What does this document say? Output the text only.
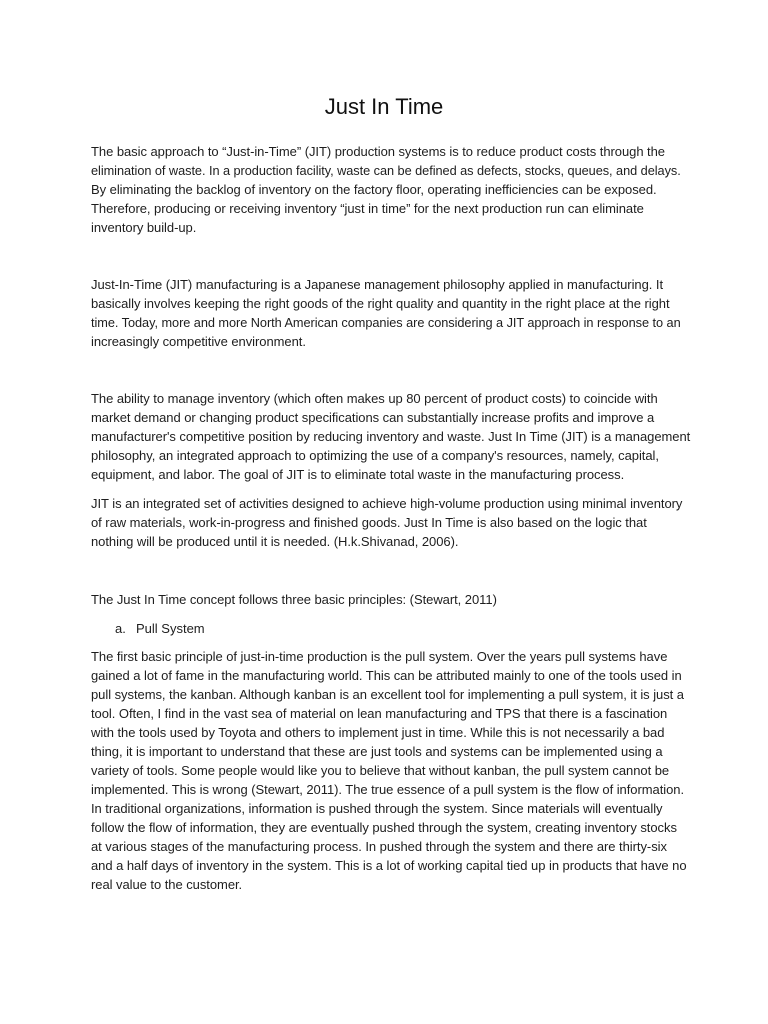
Just In Time

The basic approach to “Just-in-Time” (JIT) production systems is to reduce product costs through the
elimination of waste. In a production facility, waste can be defined as defects, stocks, queues, and delays.
By eliminating the backlog of inventory on the factory floor, operating inefficiencies can be exposed.
Therefore, producing or receiving inventory “just in time” for the next production run can eliminate
inventory build-up.

Just-In-Time (JIT) manufacturing is a Japanese management philosophy applied in manufacturing. It
basically involves keeping the right goods of the right quality and quantity in the right place at the right
time. Today, more and more North American companies are considering a JIT approach in response to an
increasingly competitive environment.

The ability to manage inventory (which often makes up 80 percent of product costs) to coincide with
market demand or changing product specifications can substantially increase profits and improve a
manufacturer's competitive position by reducing inventory and waste. Just In Time (JIT) is a management
philosophy, an integrated approach to optimizing the use of a company's resources, namely, capital,
equipment, and labor. The goal of JIT is to eliminate total waste in the manufacturing process.

JIT is an integrated set of activities designed to achieve high-volume production using minimal inventory
of raw materials, work-in-progress and finished goods. Just In Time is also based on the logic that
nothing will be produced until it is needed. (H.k.Shivanad, 2006).

The Just In Time concept follows three basic principles: (Stewart, 2011)

a. Pull System

The first basic principle of just-in-time production is the pull system. Over the years pull systems have
gained a lot of fame in the manufacturing world. This can be attributed mainly to one of the tools used in
pull systems, the kanban. Although kanban is an excellent tool for implementing a pull system, it is just a
tool. Often, I find in the vast sea of material on lean manufacturing and TPS that there is a fascination
with the tools used by Toyota and others to implement just in time. While this is not necessarily a bad
thing, it is important to understand that these are just tools and systems can be implemented using a
variety of tools. Some people would like you to believe that without kanban, the pull system cannot be
implemented. This is wrong (Stewart, 2011). The true essence of a pull system is the flow of information.
In traditional organizations, information is pushed through the system. Since materials will eventually
follow the flow of information, they are eventually pushed through the system, creating inventory stocks
at various stages of the manufacturing process. In pushed through the system and there are thirty-six
and a half days of inventory in the system. This is a lot of working capital tied up in products that have no
real value to the customer.
